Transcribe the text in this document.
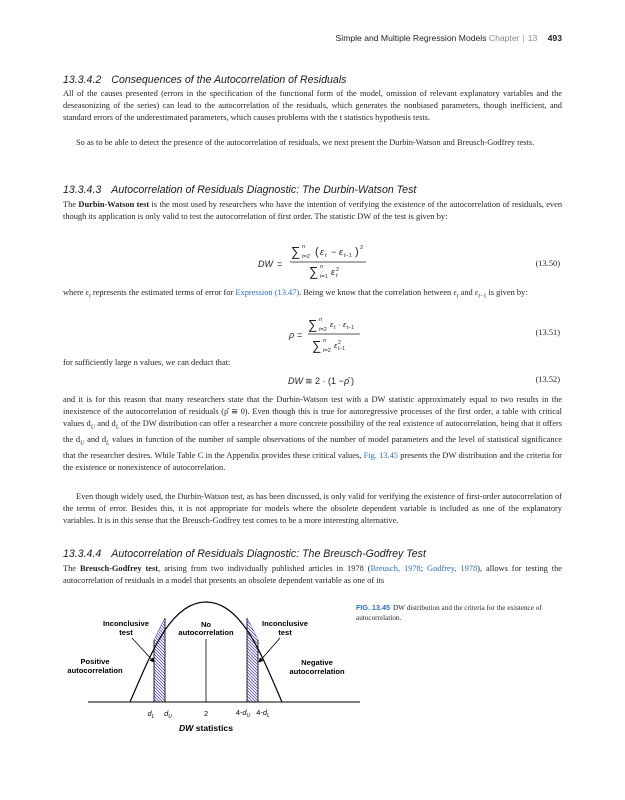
Simple and Multiple Regression Models Chapter | 13 493
13.3.4.2 Consequences of the Autocorrelation of Residuals

All of the causes presented (errors in the specification of the functional form of the model, omission of relevant explanatory variables and the deseasonizing of the series) can lead to the autocorrelation of the residuals, which generates the nonbiased parameters, though inefficient, and standard errors of the underestimated parameters, which causes problems with the t statistics hypothesis tests.

So as to be able to detect the presence of the autocorrelation of residuals, we next present the Durbin-Watson and Breusch-Godfrey tests.

13.3.4.3 Autocorrelation of Residuals Diagnostic: The Durbin-Watson Test

The Durbin-Watson test is the most used by researchers who have the intention of verifying the existence of the autocorrelation of residuals, even though its application is only valid to test the autocorrelation of first order. The statistic DW of the test is given by:

DW =
∑ n
t=2 ( ε t − ε t−1 ) 2
∑ n
t=1 ε t
2
(13.50)

where $\varepsilon_t$ represents the estimated terms of error for Expression (13.47). Being we know that the correlation between $\varepsilon_t$ and $\varepsilon_{t-1}$ is given by:

ρ =
∑ n
t=2
ε t · ε t−1
∑ n
t=2
ε t−1
2
(13.51)

for sufficiently large n values, we can deduct that:

DW ≅ 2 · (1 − ρ̂ )	(13.52)

and it is for this reason that many researchers state that the Durbin-Watson test with a DW statistic approximately equal to two results in the inexistence of the autocorrelation of residuals (ρ̂ ≅ 0). Even though this is true for autoregressive processes of the first order, a table with critical values $d_U$ and $d_L$ of the DW distribution can offer a researcher a more concrete possibility of the real existence of autocorrelation, being that it offers the $d_U$ and $d_L$ values in function of the number of sample observations of the number of model parameters and the level of statistical significance that the researcher desires. While Table C in the Appendix provides these critical values, Fig. 13.45 presents the DW distribution and the criteria for the existence or nonexistence of autocorrelation.

Even though widely used, the Durbin-Watson test, as has been discussed, is only valid for verifying the existence of first-order autocorrelation of the terms of error. Besides this, it is not appropriate for models where the obsolete dependent variable is included as one of the explanatory variables. It is in this sense that the Breusch-Godfrey test comes to be a more interesting alternative.

13.3.4.4 Autocorrelation of Residuals Diagnostic: The Breusch-Godfrey Test

The Breusch-Godfrey test, arising from two individually published articles in 1978 (Breusch, 1978; Godfrey, 1978), allows for testing the autocorrelation of residuals in a model that presents an obsolete dependent variable as one of its

Inconclusive test
Inconclusive test
No autocorrelation
Positive autocorrelation
Negative autocorrelation
$d_L$ $d_U$	2	$4-d_U$ $4-d_L$
DW statistics
FIG. 13.45 DW distribution and the criteria for the existence of autocorrelation.
